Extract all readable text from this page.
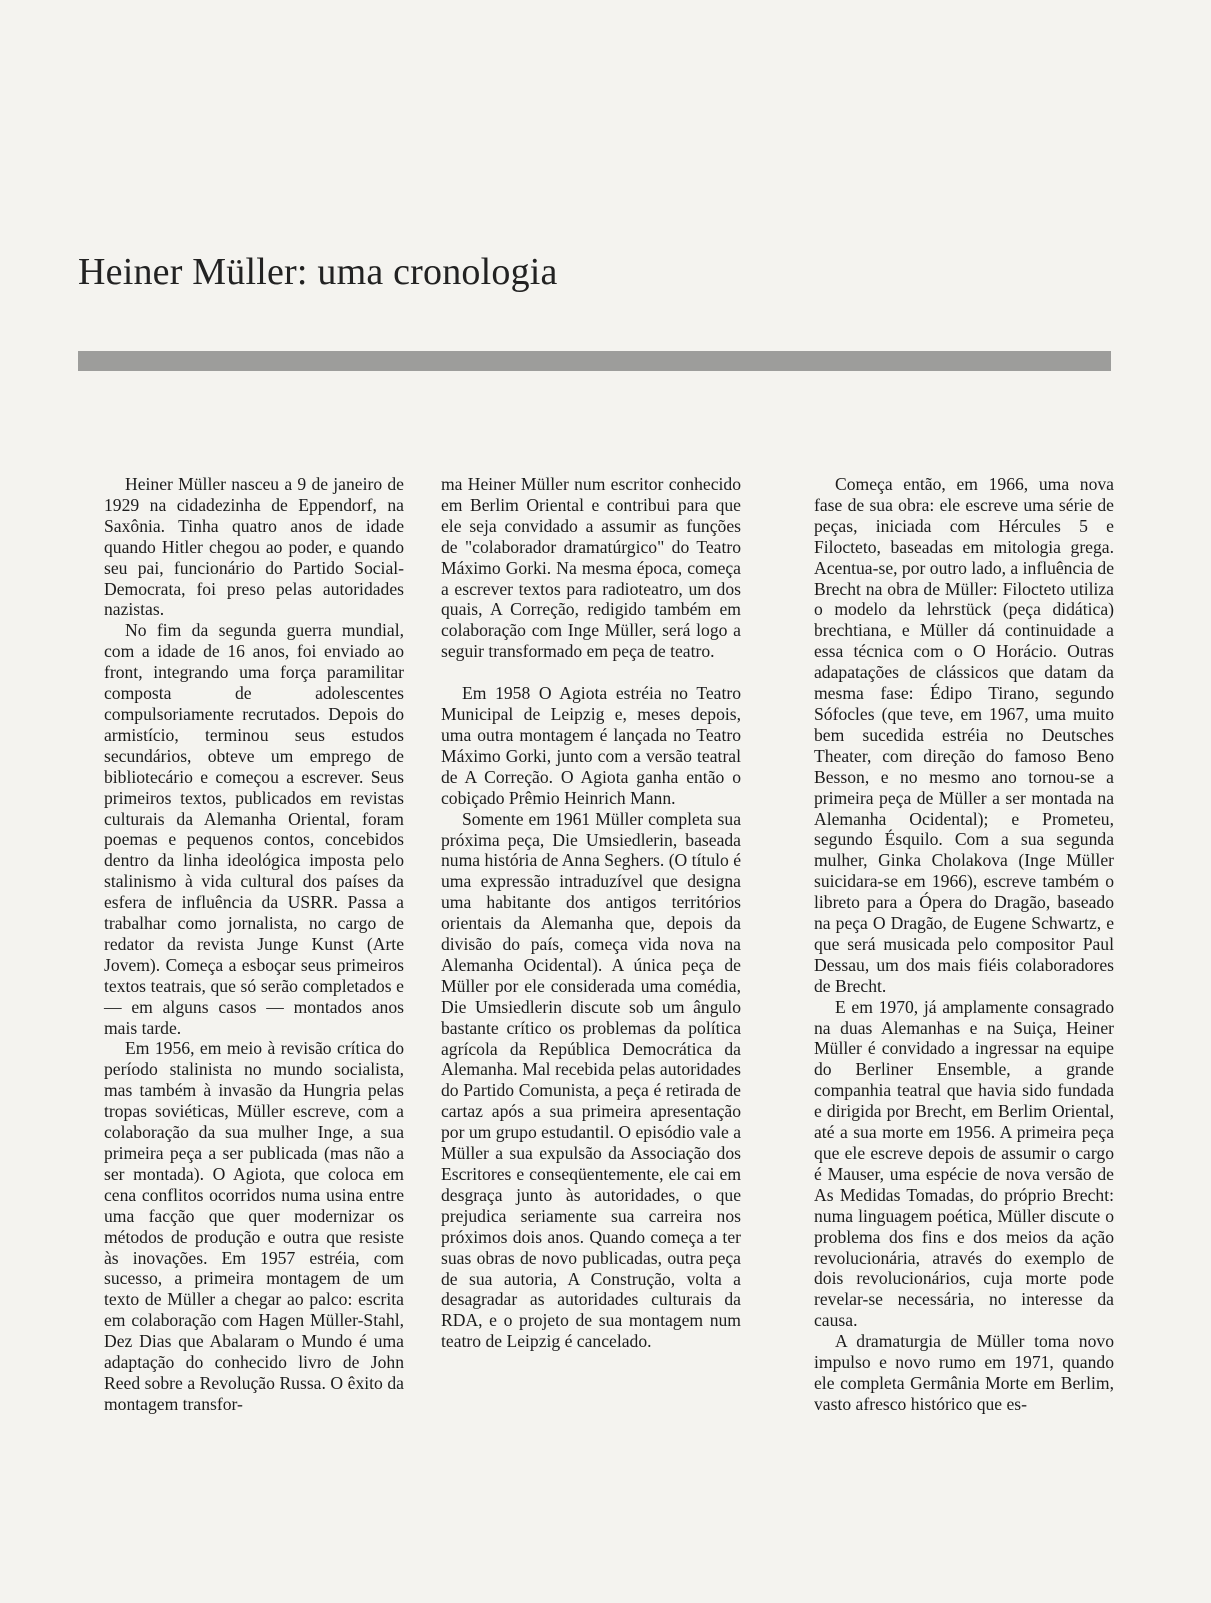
Heiner Müller: uma cronologia

Heiner Müller nasceu a 9 de janeiro de 1929 na cidadezinha de Eppendorf, na Saxônia. Tinha quatro anos de idade quando Hitler chegou ao poder, e quando seu pai, funcionário do Partido Social-Democrata, foi preso pelas autoridades nazistas.

No fim da segunda guerra mundial, com a idade de 16 anos, foi enviado ao front, integrando uma força paramilitar composta de adolescentes compulsoriamente recrutados. Depois do armistício, terminou seus estudos secundários, obteve um emprego de bibliotecário e começou a escrever. Seus primeiros textos, publicados em revistas culturais da Alemanha Oriental, foram poemas e pequenos contos, concebidos dentro da linha ideológica imposta pelo stalinismo à vida cultural dos países da esfera de influência da USRR. Passa a trabalhar como jornalista, no cargo de redator da revista Junge Kunst (Arte Jovem). Começa a esboçar seus primeiros textos teatrais, que só serão completados e — em alguns casos — montados anos mais tarde.

Em 1956, em meio à revisão crítica do período stalinista no mundo socialista, mas também à invasão da Hungria pelas tropas soviéticas, Müller escreve, com a colaboração da sua mulher Inge, a sua primeira peça a ser publicada (mas não a ser montada). O Agiota, que coloca em cena conflitos ocorridos numa usina entre uma facção que quer modernizar os métodos de produção e outra que resiste às inovações. Em 1957 estréia, com sucesso, a primeira montagem de um texto de Müller a chegar ao palco: escrita em colaboração com Hagen Müller-Stahl, Dez Dias que Abalaram o Mundo é uma adaptação do conhecido livro de John Reed sobre a Revolução Russa. O êxito da montagem transfor-

ma Heiner Müller num escritor conhecido em Berlim Oriental e contribui para que ele seja convidado a assumir as funções de "colaborador dramatúrgico" do Teatro Máximo Gorki. Na mesma época, começa a escrever textos para radioteatro, um dos quais, A Correção, redigido também em colaboração com Inge Müller, será logo a seguir transformado em peça de teatro.

Em 1958 O Agiota estréia no Teatro Municipal de Leipzig e, meses depois, uma outra montagem é lançada no Teatro Máximo Gorki, junto com a versão teatral de A Correção. O Agiota ganha então o cobiçado Prêmio Heinrich Mann.

Somente em 1961 Müller completa sua próxima peça, Die Umsiedlerin, baseada numa história de Anna Seghers. (O título é uma expressão intraduzível que designa uma habitante dos antigos territórios orientais da Alemanha que, depois da divisão do país, começa vida nova na Alemanha Ocidental). A única peça de Müller por ele considerada uma comédia, Die Umsiedlerin discute sob um ângulo bastante crítico os problemas da política agrícola da República Democrática da Alemanha. Mal recebida pelas autoridades do Partido Comunista, a peça é retirada de cartaz após a sua primeira apresentação por um grupo estudantil. O episódio vale a Müller a sua expulsão da Associação dos Escritores e conseqüentemente, ele cai em desgraça junto às autoridades, o que prejudica seriamente sua carreira nos próximos dois anos. Quando começa a ter suas obras de novo publicadas, outra peça de sua autoria, A Construção, volta a desagradar as autoridades culturais da RDA, e o projeto de sua montagem num teatro de Leipzig é cancelado.

Começa então, em 1966, uma nova fase de sua obra: ele escreve uma série de peças, iniciada com Hércules 5 e Filocteto, baseadas em mitologia grega. Acentua-se, por outro lado, a influência de Brecht na obra de Müller: Filocteto utiliza o modelo da lehrstück (peça didática) brechtiana, e Müller dá continuidade a essa técnica com o O Horácio. Outras adapatações de clássicos que datam da mesma fase: Édipo Tirano, segundo Sófocles (que teve, em 1967, uma muito bem sucedida estréia no Deutsches Theater, com direção do famoso Beno Besson, e no mesmo ano tornou-se a primeira peça de Müller a ser montada na Alemanha Ocidental); e Prometeu, segundo Ésquilo. Com a sua segunda mulher, Ginka Cholakova (Inge Müller suicidara-se em 1966), escreve também o libreto para a Ópera do Dragão, baseado na peça O Dragão, de Eugene Schwartz, e que será musicada pelo compositor Paul Dessau, um dos mais fiéis colaboradores de Brecht.

E em 1970, já amplamente consagrado na duas Alemanhas e na Suiça, Heiner Müller é convidado a ingressar na equipe do Berliner Ensemble, a grande companhia teatral que havia sido fundada e dirigida por Brecht, em Berlim Oriental, até a sua morte em 1956. A primeira peça que ele escreve depois de assumir o cargo é Mauser, uma espécie de nova versão de As Medidas Tomadas, do próprio Brecht: numa linguagem poética, Müller discute o problema dos fins e dos meios da ação revolucionária, através do exemplo de dois revolucionários, cuja morte pode revelar-se necessária, no interesse da causa.

A dramaturgia de Müller toma novo impulso e novo rumo em 1971, quando ele completa Germânia Morte em Berlim, vasto afresco histórico que es-
